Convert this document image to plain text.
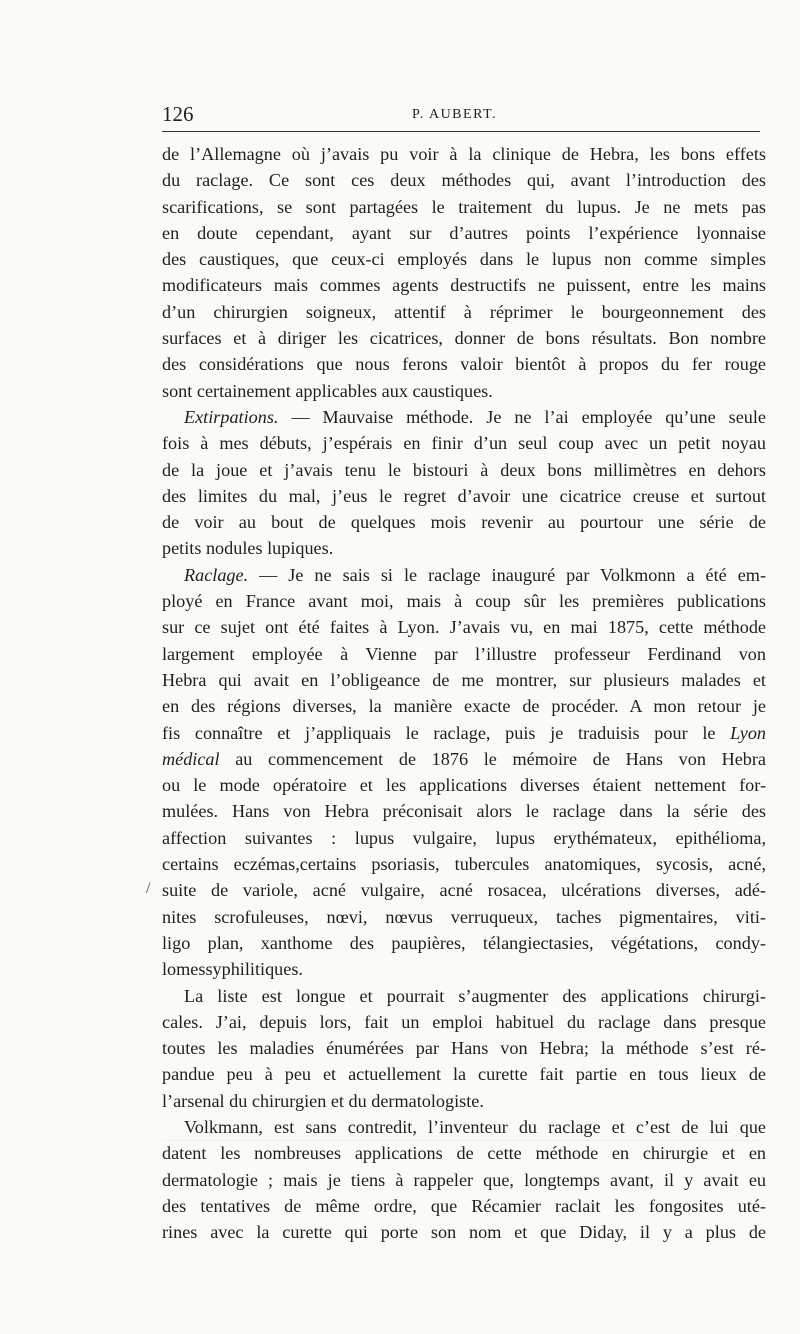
126	P. AUBERT.
/
de l’Allemagne où j’avais pu voir à la clinique de Hebra, les bons effets
du raclage. Ce sont ces deux méthodes qui, avant l’introduction des
scarifications, se sont partagées le traitement du lupus. Je ne mets pas
en doute cependant, ayant sur d’autres points l’expérience lyonnaise
des caustiques, que ceux-ci employés dans le lupus non comme simples
modificateurs mais commes agents destructifs ne puissent, entre les mains
d’un chirurgien soigneux, attentif à réprimer le bourgeonnement des
surfaces et à diriger les cicatrices, donner de bons résultats. Bon nombre
des considérations que nous ferons valoir bientôt à propos du fer rouge
sont certainement applicables aux caustiques.
Extirpations. — Mauvaise méthode. Je ne l’ai employée qu’une seule
fois à mes débuts, j’espérais en finir d’un seul coup avec un petit noyau
de la joue et j’avais tenu le bistouri à deux bons millimètres en dehors
des limites du mal, j’eus le regret d’avoir une cicatrice creuse et surtout
de voir au bout de quelques mois revenir au pourtour une série de
petits nodules lupiques.
Raclage. — Je ne sais si le raclage inauguré par Volkmonn a été em-
ployé en France avant moi, mais à coup sûr les premières publications
sur ce sujet ont été faites à Lyon. J’avais vu, en mai 1875, cette méthode
largement employée à Vienne par l’illustre professeur Ferdinand von
Hebra qui avait en l’obligeance de me montrer, sur plusieurs malades et
en des régions diverses, la manière exacte de procéder. A mon retour je
fis connaître et j’appliquais le raclage, puis je traduisis pour le Lyon
médical au commencement de 1876 le mémoire de Hans von Hebra
ou le mode opératoire et les applications diverses étaient nettement for-
mulées. Hans von Hebra préconisait alors le raclage dans la série des
affection suivantes : lupus vulgaire, lupus erythémateux, epithélioma,
certains eczémas,certains psoriasis, tubercules anatomiques, sycosis, acné,
suite de variole, acné vulgaire, acné rosacea, ulcérations diverses, adé-
nites scrofuleuses, nœvi, nœvus verruqueux, taches pigmentaires, viti-
ligo plan, xanthome des paupières, télangiectasies, végétations, condy-
lomessyphilitiques.
La liste est longue et pourrait s’augmenter des applications chirurgi-
cales. J’ai, depuis lors, fait un emploi habituel du raclage dans presque
toutes les maladies énumérées par Hans von Hebra; la méthode s’est ré-
pandue peu à peu et actuellement la curette fait partie en tous lieux de
l’arsenal du chirurgien et du dermatologiste.
Volkmann, est sans contredit, l’inventeur du raclage et c’est de lui que
datent les nombreuses applications de cette méthode en chirurgie et en
dermatologie ; mais je tiens à rappeler que, longtemps avant, il y avait eu
des tentatives de même ordre, que Récamier raclait les fongosites uté-
rines avec la curette qui porte son nom et que Diday, il y a plus de
